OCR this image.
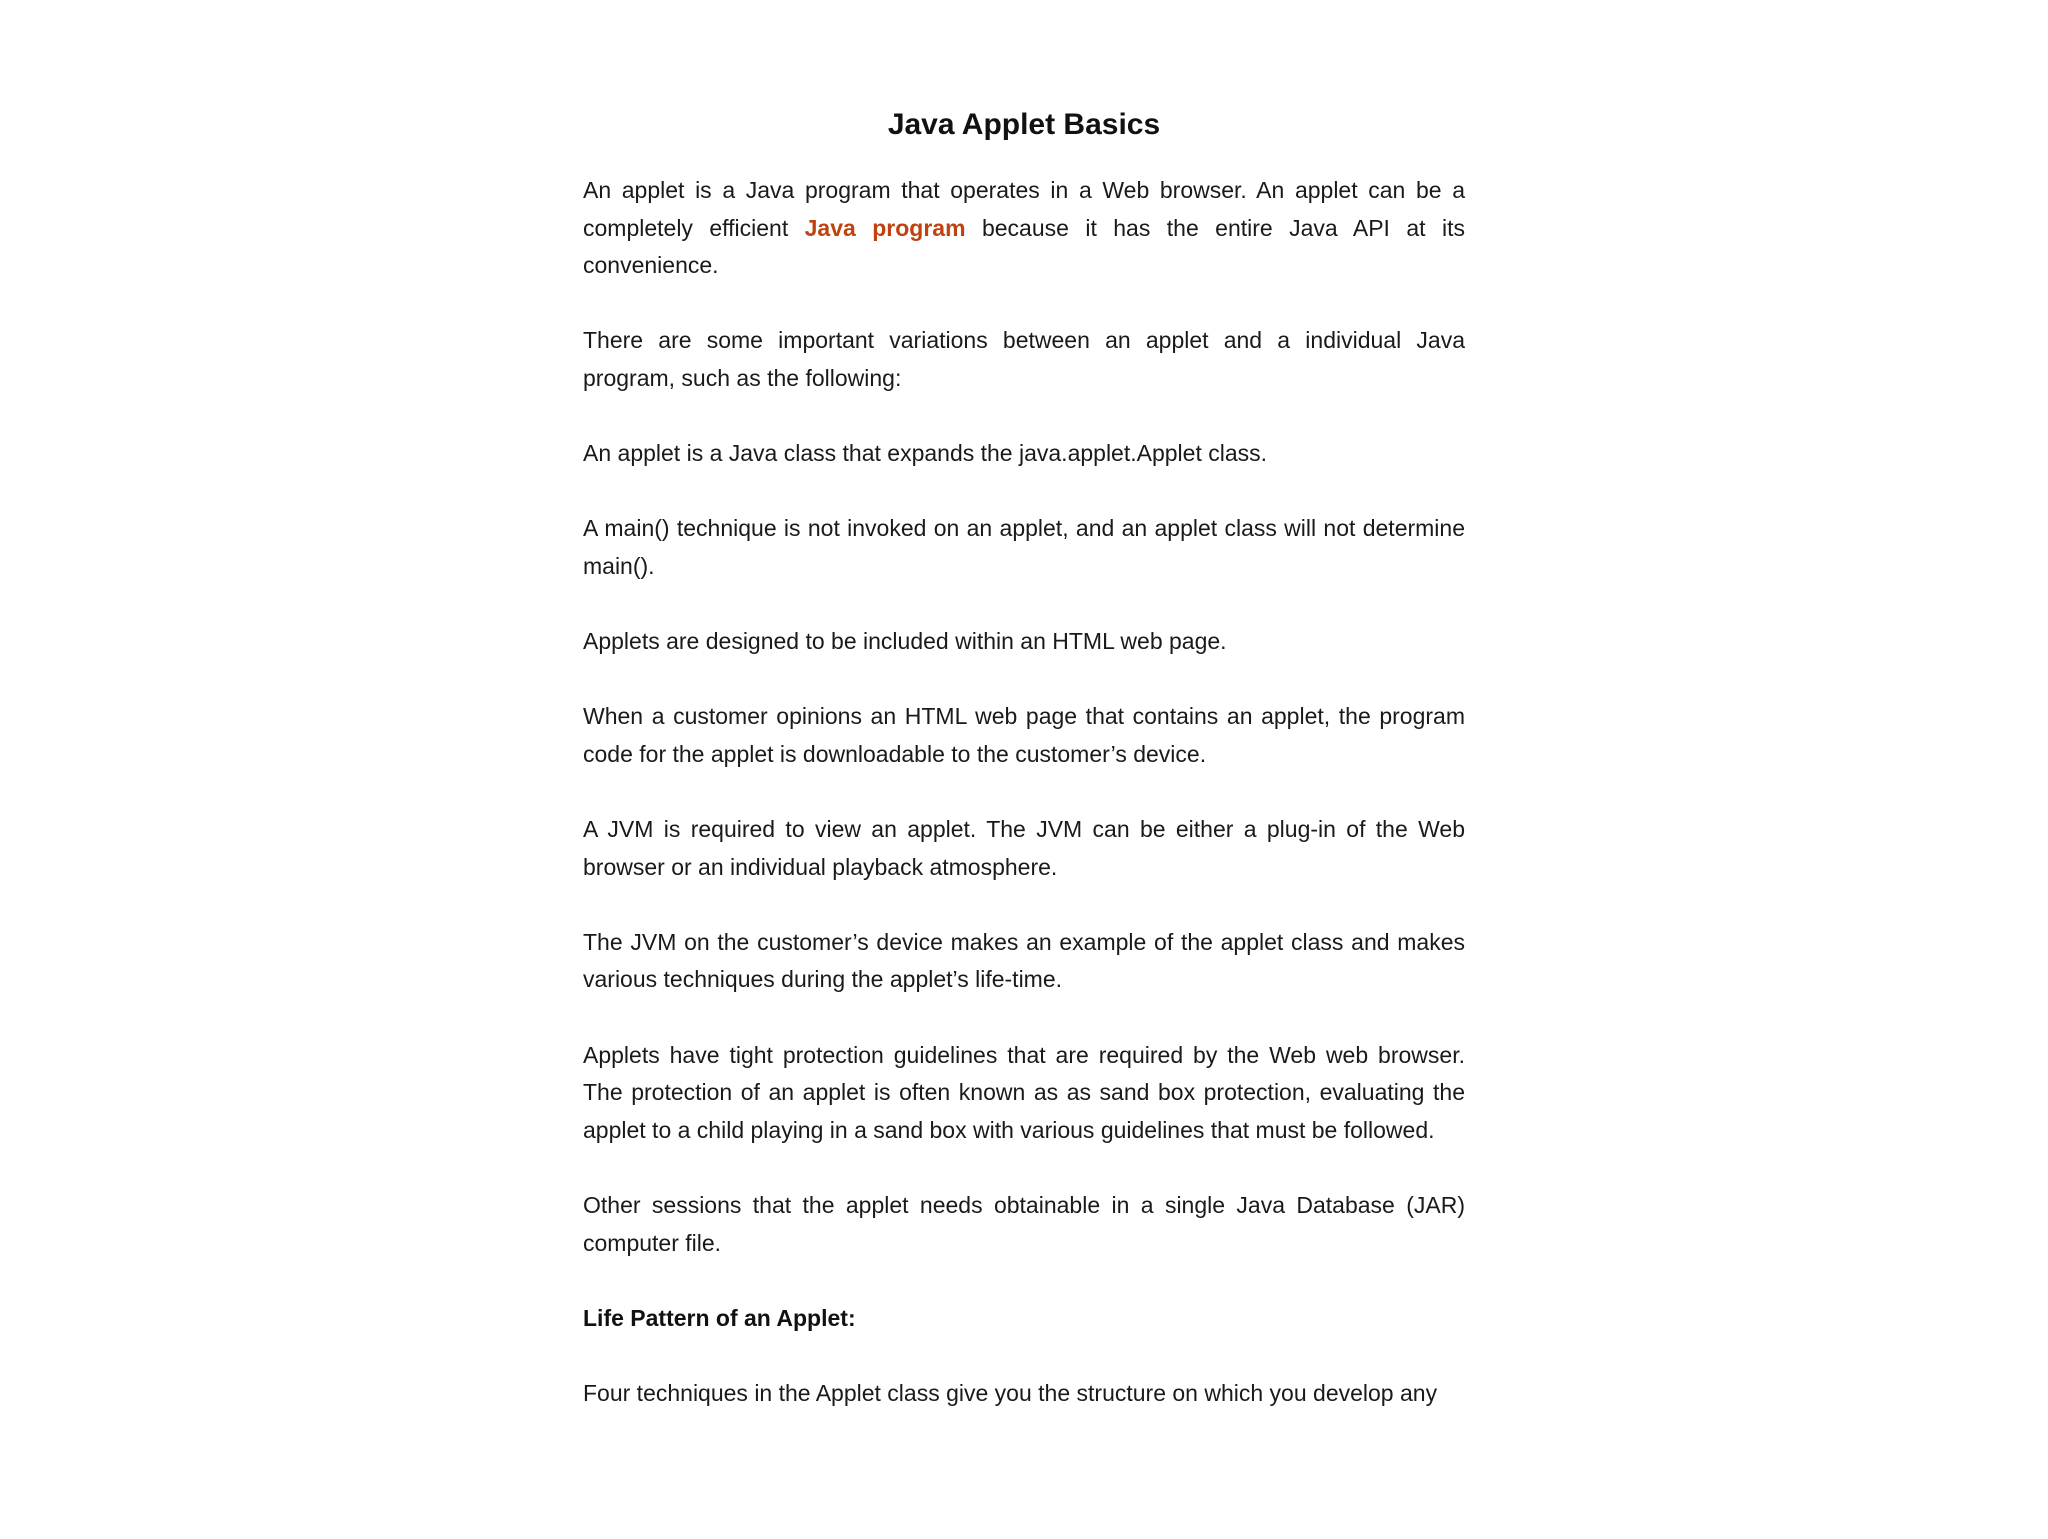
Java Applet Basics

An applet is a Java program that operates in a Web browser. An applet can be a completely efficient Java program because it has the entire Java API at its convenience.

There are some important variations between an applet and a individual Java program, such as the following:

An applet is a Java class that expands the java.applet.Applet class.

A main() technique is not invoked on an applet, and an applet class will not determine main().

Applets are designed to be included within an HTML web page.

When a customer opinions an HTML web page that contains an applet, the program code for the applet is downloadable to the customer’s device.

A JVM is required to view an applet. The JVM can be either a plug-in of the Web browser or an individual playback atmosphere.

The JVM on the customer’s device makes an example of the applet class and makes various techniques during the applet’s life-time.

Applets have tight protection guidelines that are required by the Web web browser. The protection of an applet is often known as as sand box protection, evaluating the applet to a child playing in a sand box with various guidelines that must be followed.

Other sessions that the applet needs obtainable in a single Java Database (JAR) computer file.

Life Pattern of an Applet:

Four techniques in the Applet class give you the structure on which you develop any
